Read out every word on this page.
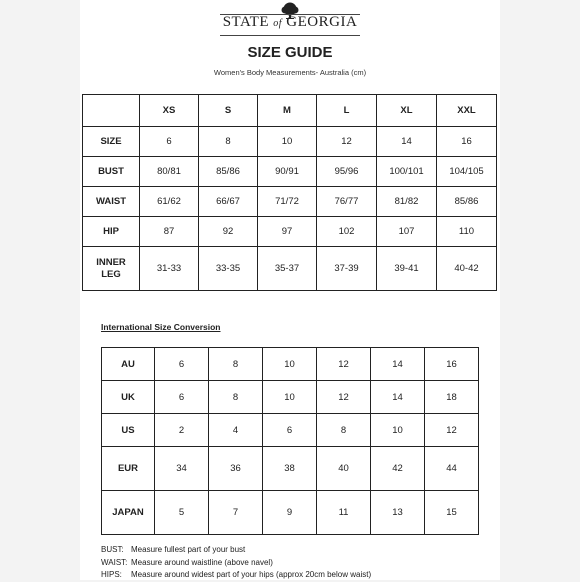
STATE of GEORGIA
SIZE GUIDE
Women's Body Measurements- Australia (cm)
	XS	S	M	L	XL	XXL
SIZE	6	8	10	12	14	16
BUST	80/81	85/86	90/91	95/96	100/101	104/105
WAIST	61/62	66/67	71/72	76/77	81/82	85/86
HIP	87	92	97	102	107	110
INNER LEG	31-33	33-35	35-37	37-39	39-41	40-42
International Size Conversion
AU	6	8	10	12	14	16
UK	6	8	10	12	14	18
US	2	4	6	8	10	12
EUR	34	36	38	40	42	44
JAPAN	5	7	9	11	13	15
BUST: Measure fullest part of your bust
WAIST: Measure around waistline (above navel)
HIPS: Measure around widest part of your hips (approx 20cm below waist)
